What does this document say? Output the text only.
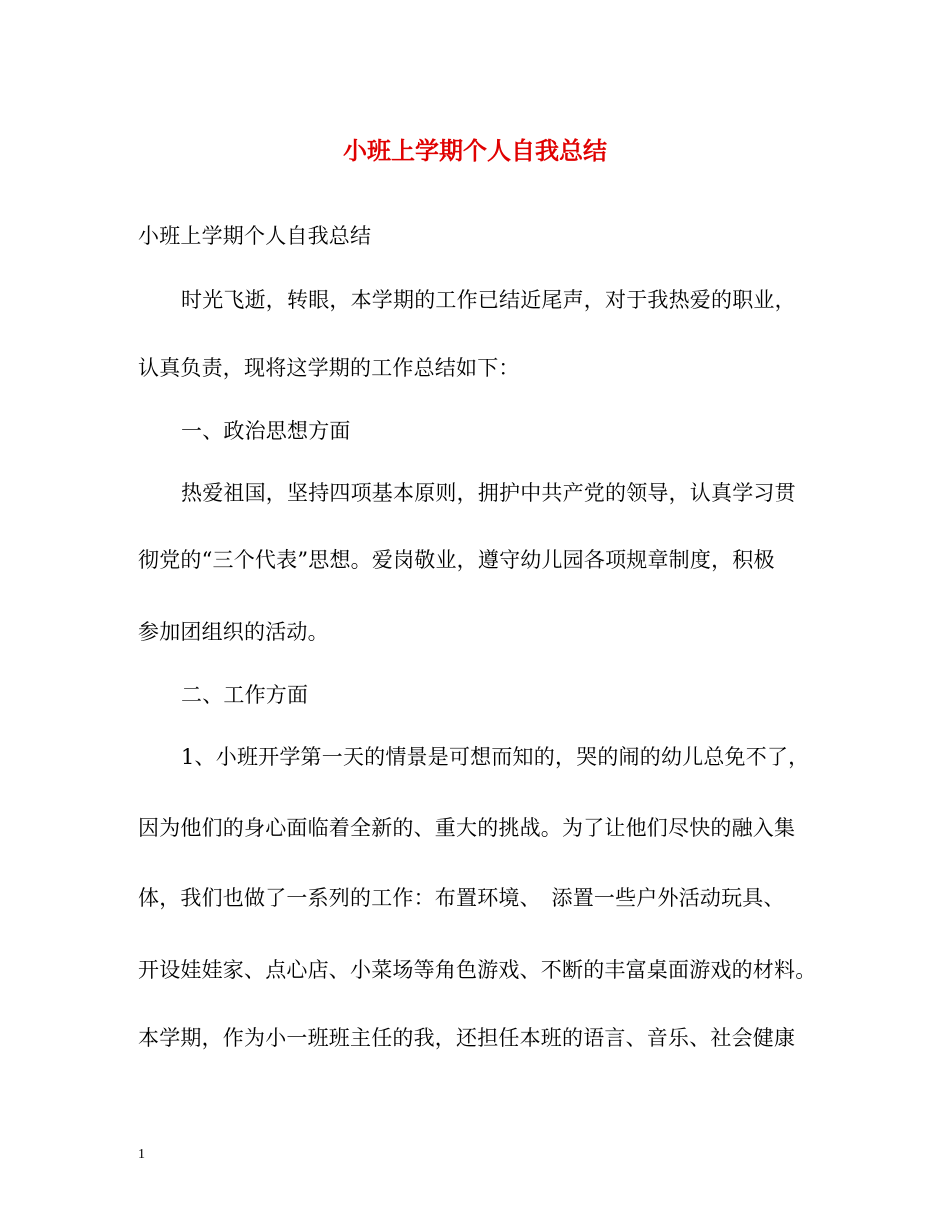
小班上学期个人自我总结
小班上学期个人自我总结
时光飞逝，转眼，本学期的工作已结近尾声，对于我热爱的职业，
认真负责，现将这学期的工作总结如下：
一、政治思想方面
热爱祖国，坚持四项基本原则，拥护中共产党的领导，认真学习贯
彻党的“三个代表”思想。爱岗敬业，遵守幼儿园各项规章制度，积极
参加团组织的活动。
二、工作方面
1、小班开学第一天的情景是可想而知的，哭的闹的幼儿总免不了，
因为他们的身心面临着全新的、重大的挑战。为了让他们尽快的融入集
体，我们也做了一系列的工作：布置环境、　添置一些户外活动玩具、
开设娃娃家、点心店、小菜场等角色游戏、不断的丰富桌面游戏的材料。
本学期，作为小一班班主任的我，还担任本班的语言、音乐、社会健康
1
